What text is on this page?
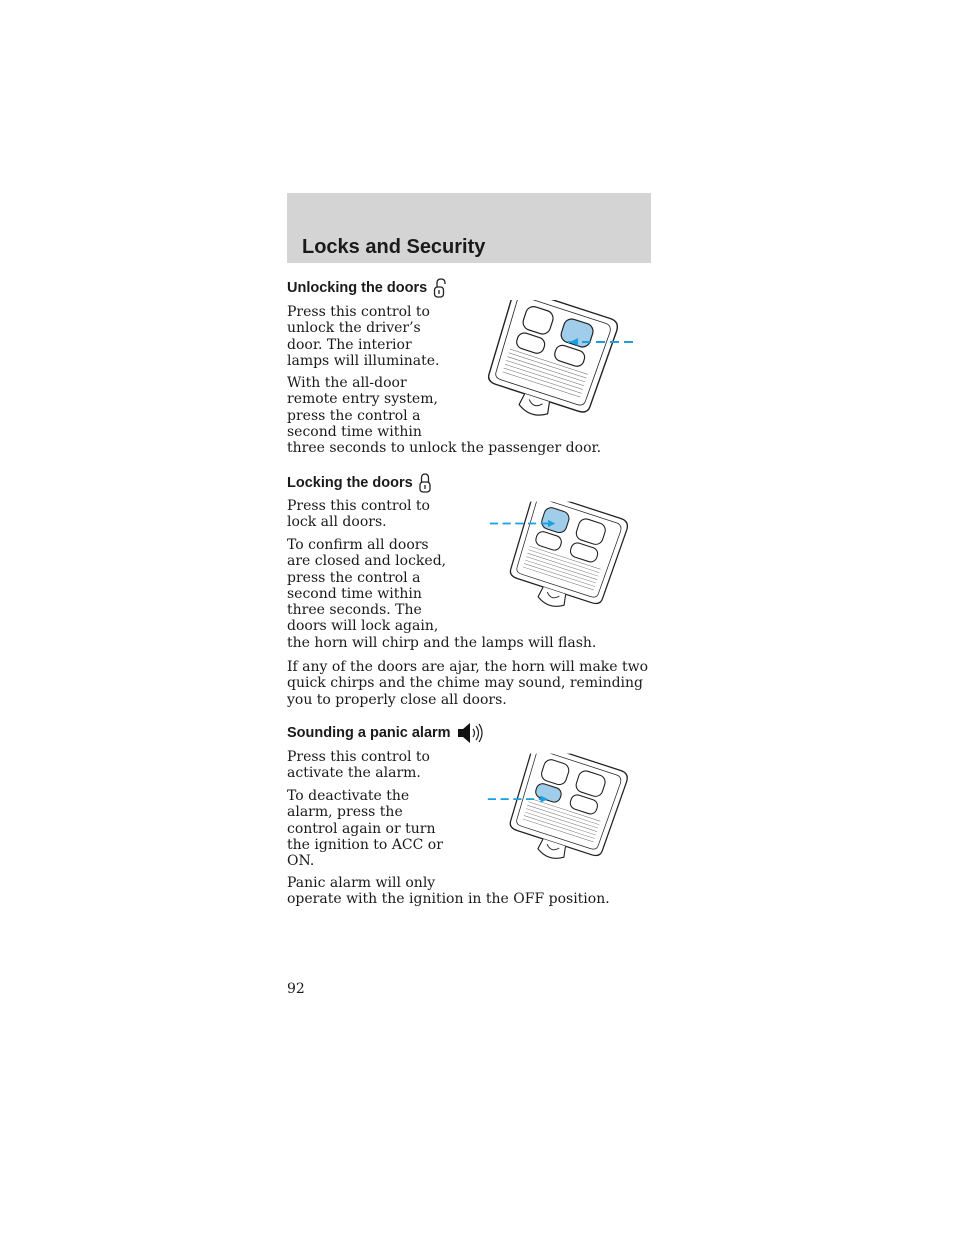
Locks and Security
Unlocking the doors
Press this control to
unlock the driver’s
door. The interior
lamps will illuminate.
With the all-door
remote entry system,
press the control a
second time within
three seconds to unlock the passenger door.
Locking the doors
Press this control to
lock all doors.
To confirm all doors
are closed and locked,
press the control a
second time within
three seconds. The
doors will lock again,
the horn will chirp and the lamps will flash.
If any of the doors are ajar, the horn will make two
quick chirps and the chime may sound, reminding
you to properly close all doors.
Sounding a panic alarm
Press this control to
activate the alarm.
To deactivate the
alarm, press the
control again or turn
the ignition to ACC or
ON.
Panic alarm will only
operate with the ignition in the OFF position.
92
